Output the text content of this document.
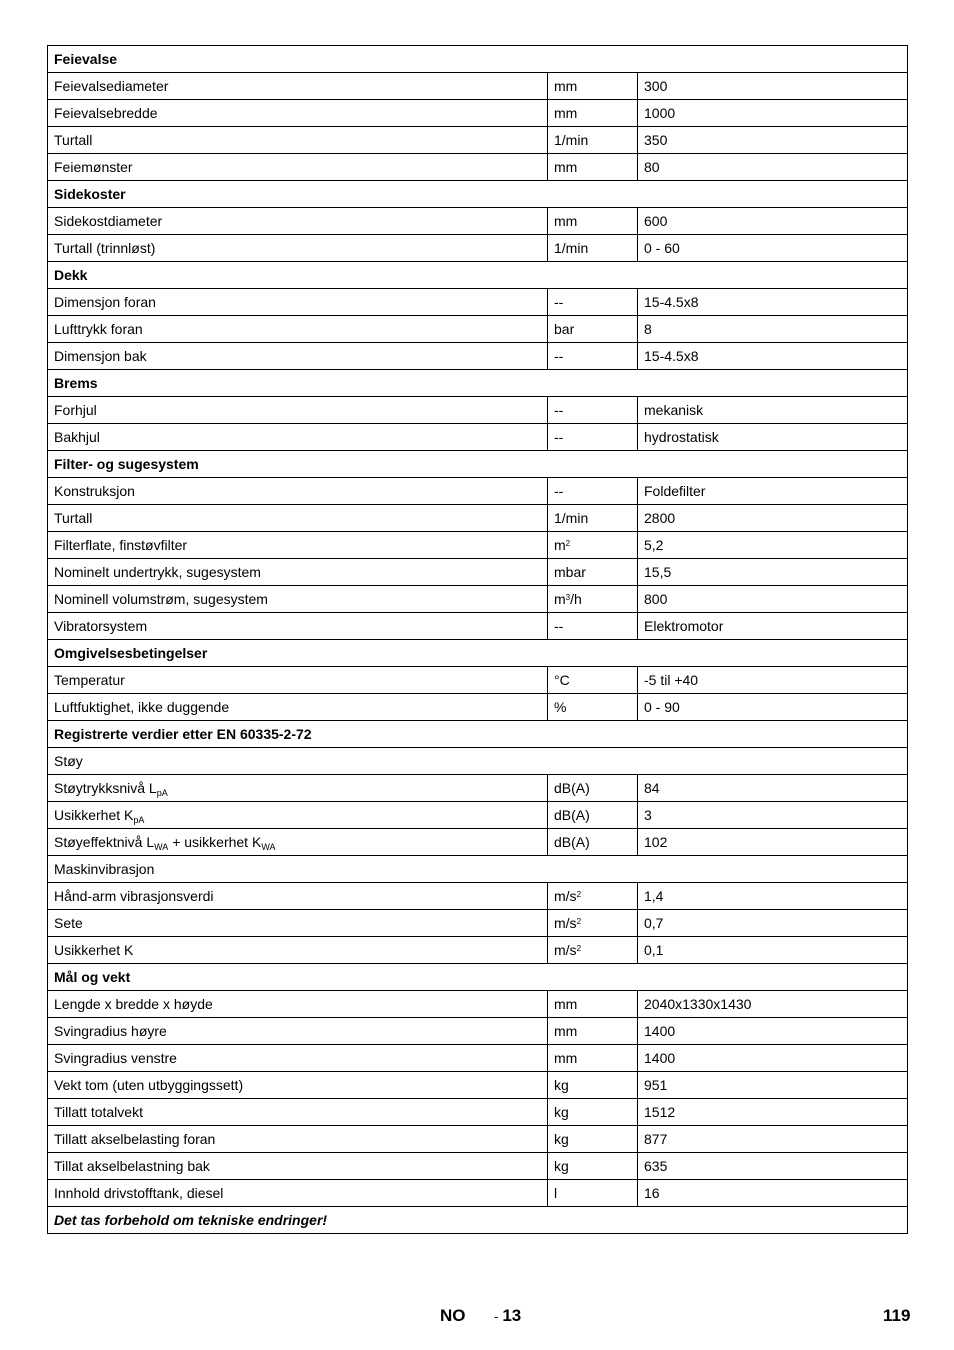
Feievalse		
Feievalsediameter	mm	300
Feievalsebredde	mm	1000
Turtall	1/min	350
Feiemønster	mm	80
Sidekoster		
Sidekostdiameter	mm	600
Turtall (trinnløst)	1/min	0 - 60
Dekk		
Dimensjon foran	--	15-4.5x8
Lufttrykk foran	bar	8
Dimensjon bak	--	15-4.5x8
Brems		
Forhjul	--	mekanisk
Bakhjul	--	hydrostatisk
Filter- og sugesystem		
Konstruksjon	--	Foldefilter
Turtall	1/min	2800
Filterflate, finstøvfilter	$m^2$	5,2
Nominelt undertrykk, sugesystem	mbar	15,5
Nominell volumstrøm, sugesystem	$m^3/h$	800
Vibratorsystem	--	Elektromotor
Omgivelsesbetingelser		
Temperatur	°C	-5 til +40
Luftfuktighet, ikke duggende	%	0 - 90
Registrerte verdier etter EN 60335-2-72		
Støy		
Støytrykksnivå $L_{pA}$	dB(A)	84
Usikkerhet $K_{pA}$	dB(A)	3
Støyeffektnivå $L_{WA}$ + usikkerhet $K_{WA}$	dB(A)	102
Maskinvibrasjon		
Hånd-arm vibrasjonsverdi	$m/s^2$	1,4
Sete	$m/s^2$	0,7
Usikkerhet K	$m/s^2$	0,1
Mål og vekt		
Lengde x bredde x høyde	mm	2040x1330x1430
Svingradius høyre	mm	1400
Svingradius venstre	mm	1400
Vekt tom (uten utbyggingssett)	kg	951
Tillatt totalvekt	kg	1512
Tillatt akselbelasting foran	kg	877
Tillat akselbelastning bak	kg	635
Innhold drivstofftank, diesel	l	16
Det tas forbehold om tekniske endringer!		
NO - 13	119
